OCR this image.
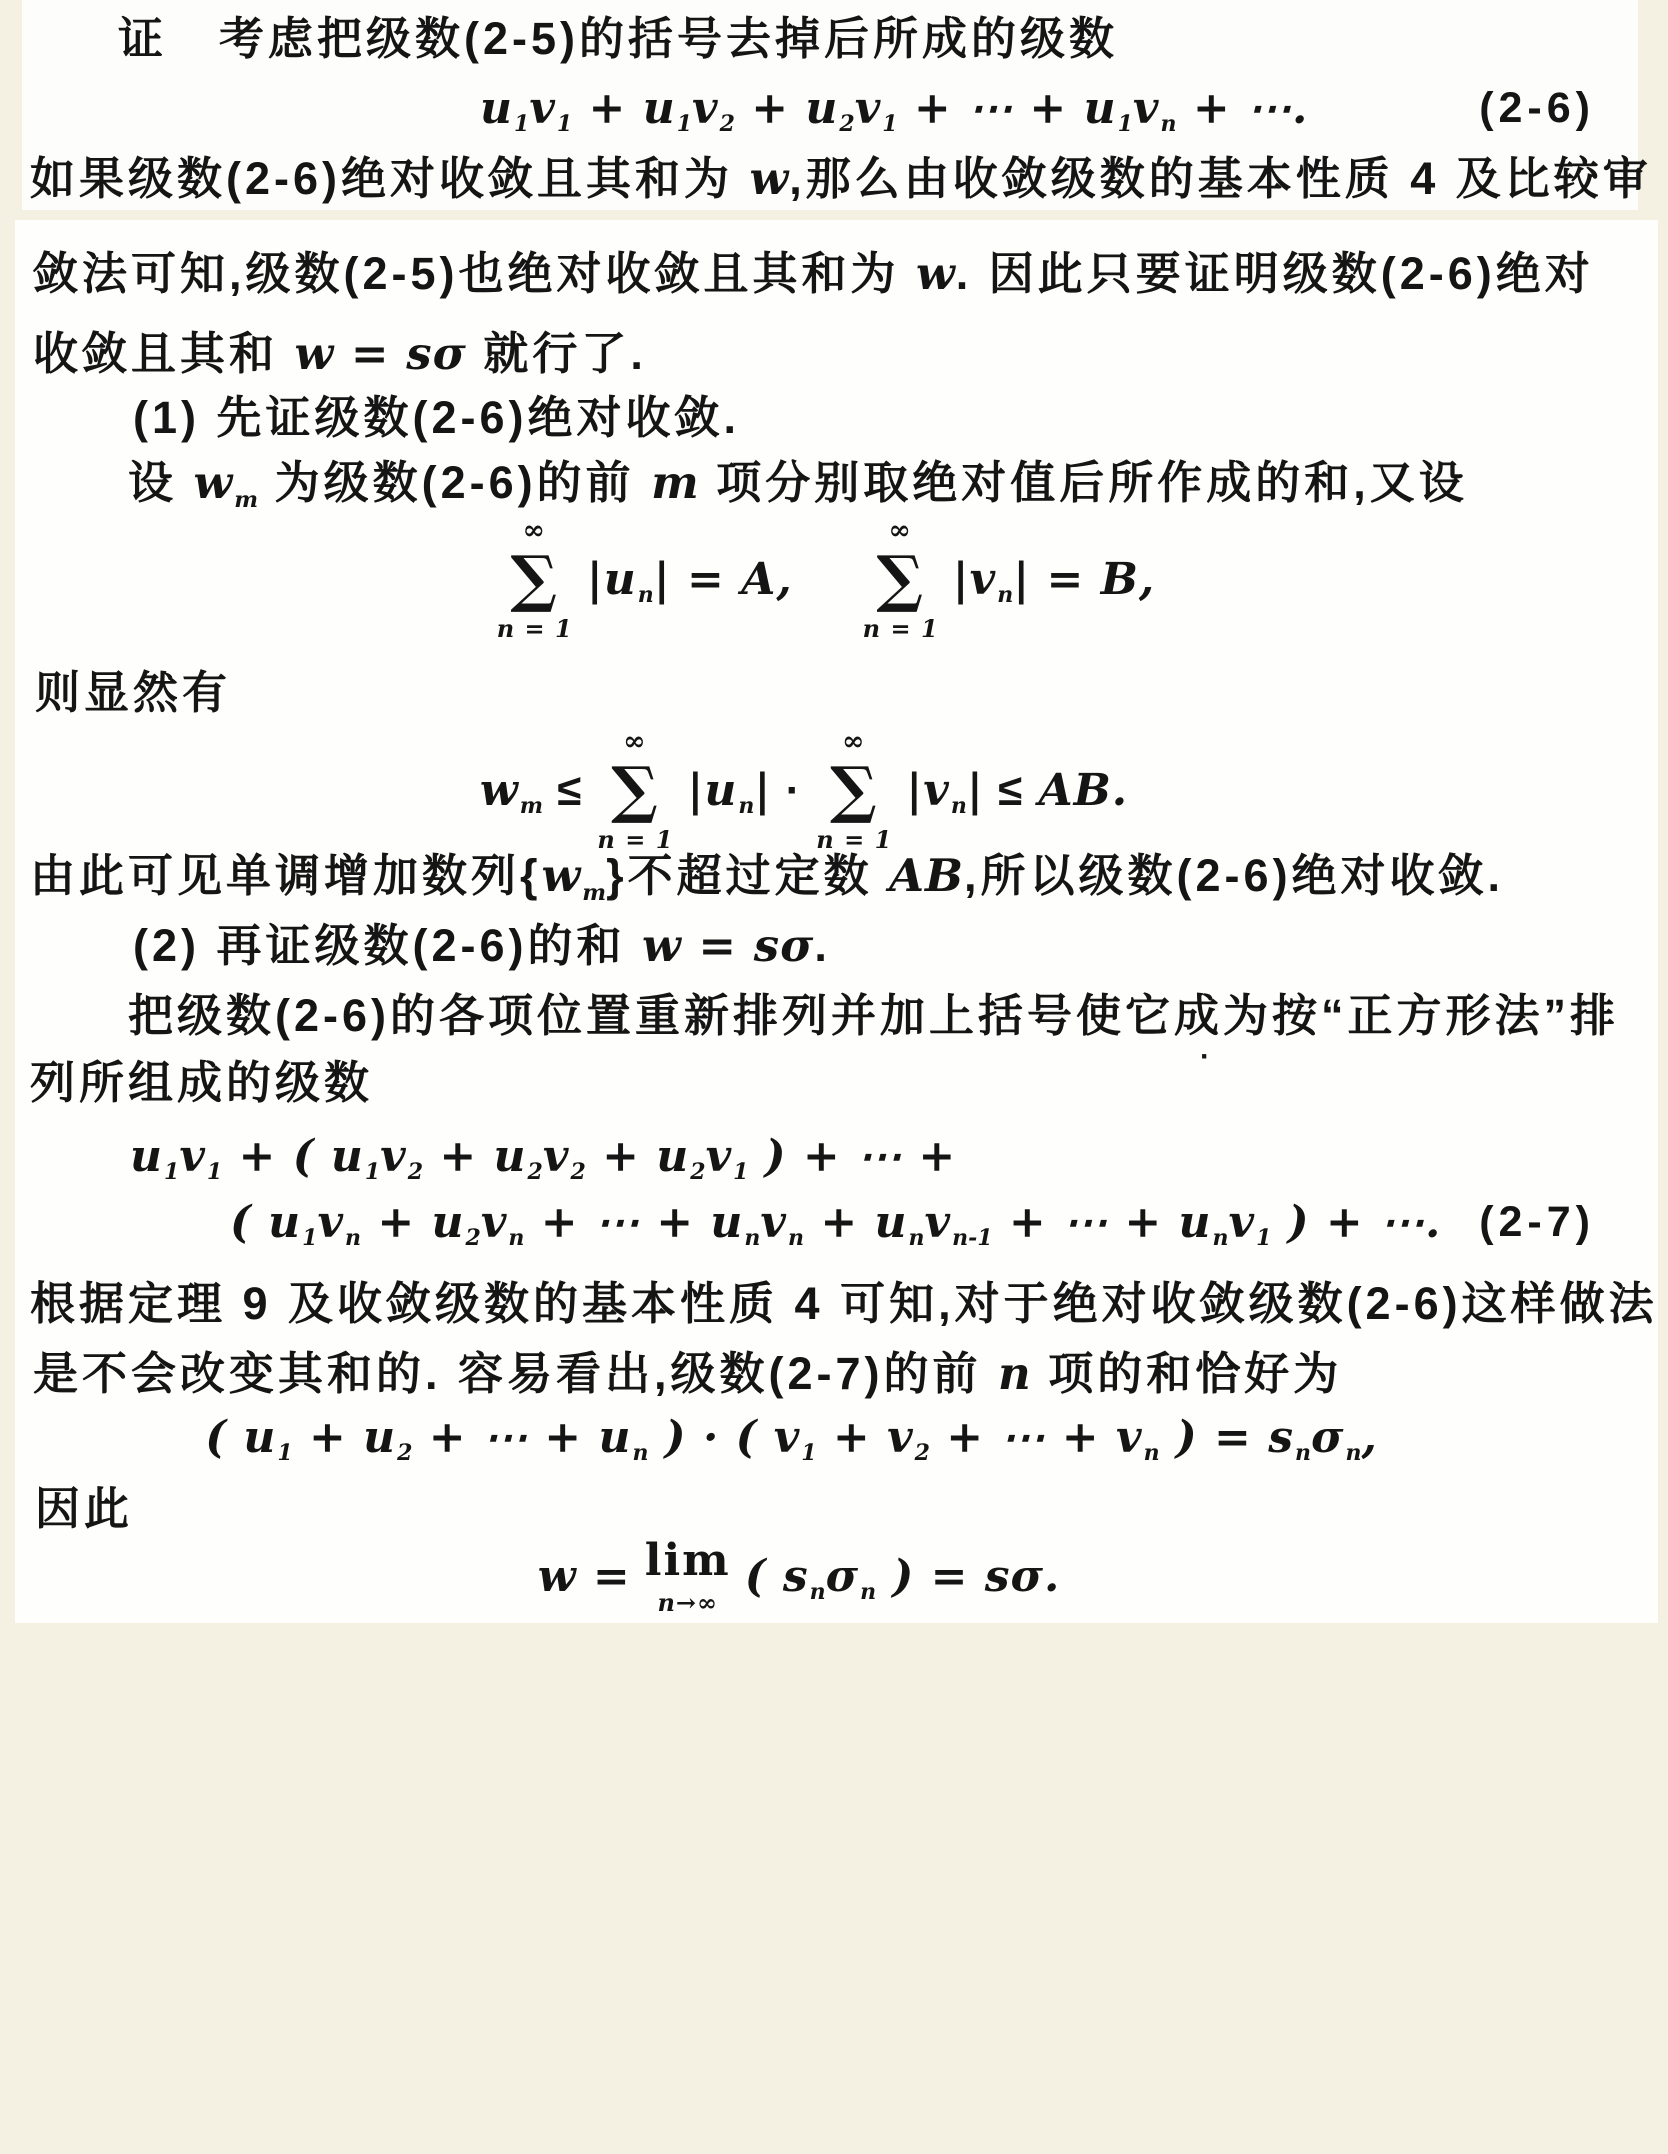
证 考虑把级数(2-5)的括号去掉后所成的级数
$u_1v_1 + u_1v_2 + u_2v_1$ + ⋯ + $u_1v_n$ + ⋯.	(2-6)
如果级数(2-6)绝对收敛且其和为 w,那么由收敛级数的基本性质 4 及比较审
敛法可知,级数(2-5)也绝对收敛且其和为 w. 因此只要证明级数(2-6)绝对
收敛且其和 w = sσ 就行了.
(1) 先证级数(2-6)绝对收敛.
设 $w_m$ 为级数(2-6)的前 m 项分别取绝对值后所作成的和,又设
∞
∑
n = 1
$|u_n| = A$,
∞
∑
n = 1
$|v_n| = B$,
则显然有
$w_m$ ≤
∞
∑
n = 1
$|u_n|$ ·
∞
∑
n = 1
$|v_n|$ ≤ AB.
由此可见单调增加数列$\{w_m\}$不超过定数 AB,所以级数(2-6)绝对收敛.
(2) 再证级数(2-6)的和 w = sσ.
把级数(2-6)的各项位置重新排列并加上括号使它成为按“正方形法”排
列所组成的级数
$u_1v_1$ + ( $u_1v_2 + u_2v_2 + u_2v_1$ ) + ⋯ +
( $u_1v_n + u_2v_n$ + ⋯ + $u_nv_n + u_nv_{n-1}$ + ⋯ + $u_nv_1$ ) + ⋯. (2-7)
根据定理 9 及收敛级数的基本性质 4 可知,对于绝对收敛级数(2-6)这样做法
是不会改变其和的. 容易看出,级数(2-7)的前 n 项的和恰好为
( $u_1 + u_2$ + ⋯ + $u_n$ ) · ( $v_1 + v_2$ + ⋯ + $v_n$ ) = $s_n\sigma_n$,
因此
w = lim
n→∞
( $s_n\sigma_n$ ) = sσ.
·
